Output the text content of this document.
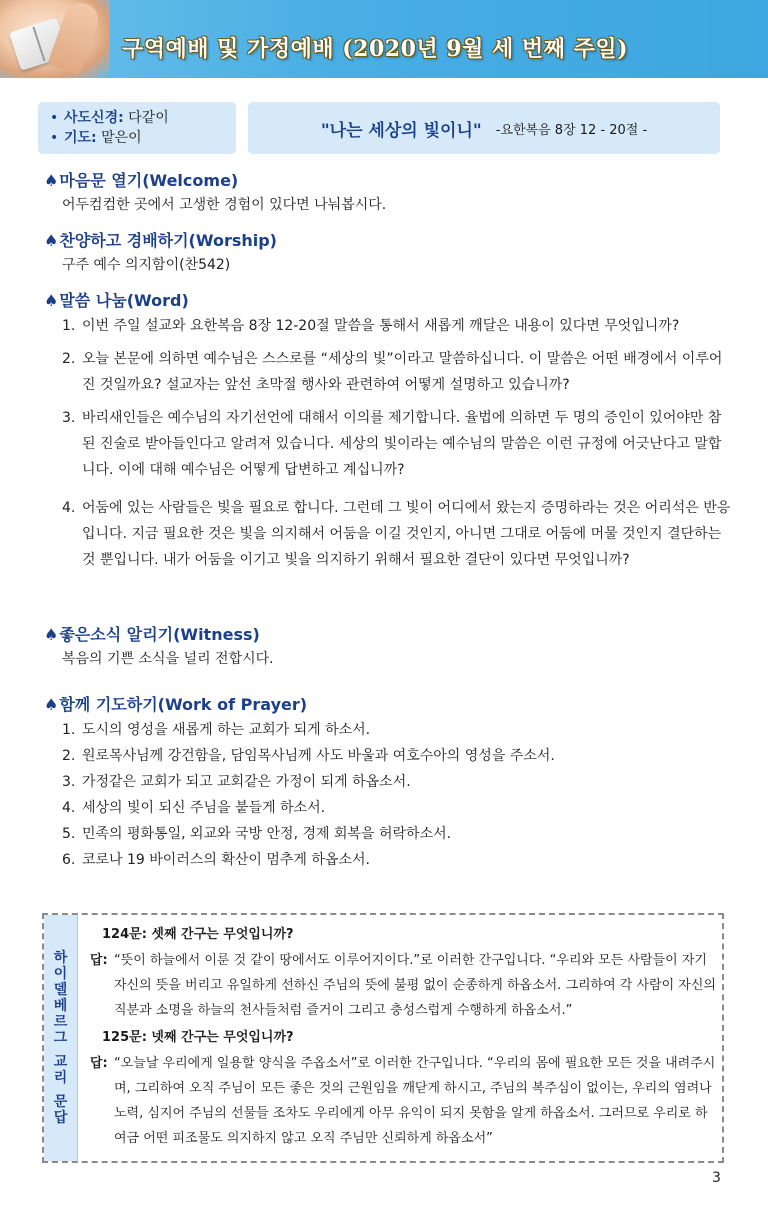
구역예배 및 가정예배 (2020년 9월 세 번째 주일)
• 사도신경: 다같이
• 기도: 맡은이	"나는 세상의 빛이니" -요한복음 8장 12 - 20절 -
♠마음문 열기(Welcome)
어두컴컴한 곳에서 고생한 경험이 있다면 나눠봅시다.
♠찬양하고 경배하기(Worship)
구주 예수 의지함이(찬542)
♠말씀 나눔(Word)
1. 이번 주일 설교와 요한복음 8장 12-20절 말씀을 통해서 새롭게 깨달은 내용이 있다면 무엇입니까?
2. 오늘 본문에 의하면 예수님은 스스로를 “세상의 빛”이라고 말씀하십니다. 이 말씀은 어떤 배경에서 이루어진 것일까요? 설교자는 앞선 초막절 행사와 관련하여 어떻게 설명하고 있습니까?
3. 바리새인들은 예수님의 자기선언에 대해서 이의를 제기합니다. 율법에 의하면 두 명의 증인이 있어야만 참된 진술로 받아들인다고 알려져 있습니다. 세상의 빛이라는 예수님의 말씀은 이런 규정에 어긋난다고 말합니다. 이에 대해 예수님은 어떻게 답변하고 계십니까?
4. 어둠에 있는 사람들은 빛을 필요로 합니다. 그런데 그 빛이 어디에서 왔는지 증명하라는 것은 어리석은 반응입니다. 지금 필요한 것은 빛을 의지해서 어둠을 이길 것인지, 아니면 그대로 어둠에 머물 것인지 결단하는 것 뿐입니다. 내가 어둠을 이기고 빛을 의지하기 위해서 필요한 결단이 있다면 무엇입니까?
♠좋은소식 알리기(Witness)
복음의 기쁜 소식을 널리 전합시다.
♠함께 기도하기(Work of Prayer)
1. 도시의 영성을 새롭게 하는 교회가 되게 하소서.
2. 원로목사님께 강건함을, 담임목사님께 사도 바울과 여호수아의 영성을 주소서.
3. 가정같은 교회가 되고 교회같은 가정이 되게 하옵소서.
4. 세상의 빛이 되신 주님을 붙들게 하소서.
5. 민족의 평화통일, 외교와 국방 안정, 경제 회복을 허락하소서.
6. 코로나 19 바이러스의 확산이 멈추게 하옵소서.
하
이
델
베
르
그
교
리
문
답
124문: 셋째 간구는 무엇입니까?
답: “뜻이 하늘에서 이룬 것 같이 땅에서도 이루어지이다.”로 이러한 간구입니다. “우리와 모든 사람들이 자기 자신의 뜻을 버리고 유일하게 선하신 주님의 뜻에 불평 없이 순종하게 하옵소서. 그리하여 각 사람이 자신의 직분과 소명을 하늘의 천사들처럼 즐거이 그리고 충성스럽게 수행하게 하옵소서.”
125문: 넷째 간구는 무엇입니까?
답: “오늘날 우리에게 일용할 양식을 주옵소서”로 이러한 간구입니다. “우리의 몸에 필요한 모든 것을 내려주시며, 그리하여 오직 주님이 모든 좋은 것의 근원임을 깨닫게 하시고, 주님의 복주심이 없이는, 우리의 염려나 노력, 심지어 주님의 선물들 조차도 우리에게 아무 유익이 되지 못함을 알게 하옵소서. 그러므로 우리로 하여금 어떤 피조물도 의지하지 않고 오직 주님만 신뢰하게 하옵소서”
3
